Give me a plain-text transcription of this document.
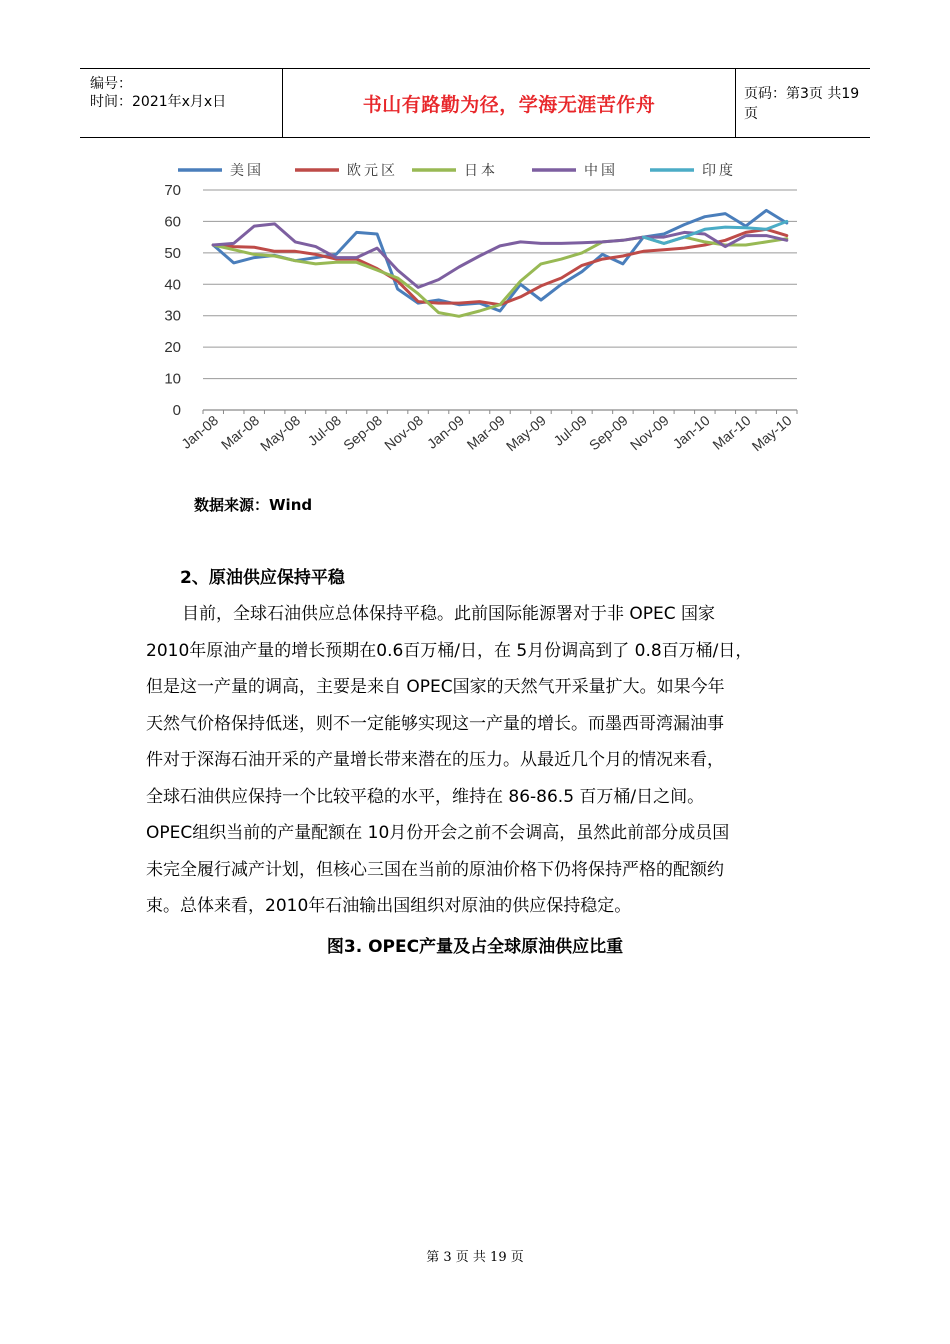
编号：
时间：2021年x月x日	书山有路勤为径，学海无涯苦作舟	页码：第3页 共19页
美国	欧元区	日本	中国	印度
0
10
20
30
40
50
60
70
Jan-08
Mar-08
May-08 Jul-08
Sep-08
Nov-08
Jan-09
Mar-09
May-09 Jul-09
Sep-09
Nov-09
Jan-10
Mar-10
May-10
数据来源：Wind
2、原油供应保持平稳
目前，全球石油供应总体保持平稳。此前国际能源署对于非 OPEC 国家
2010年原油产量的增长预期在0.6百万桶/日，在 5月份调高到了 0.8百万桶/日，
但是这一产量的调高，主要是来自 OPEC国家的天然气开采量扩大。如果今年
天然气价格保持低迷，则不一定能够实现这一产量的增长。而墨西哥湾漏油事
件对于深海石油开采的产量增长带来潜在的压力。从最近几个月的情况来看，
全球石油供应保持一个比较平稳的水平，维持在 86-86.5 百万桶/日之间。
OPEC组织当前的产量配额在 10月份开会之前不会调高，虽然此前部分成员国
未完全履行减产计划，但核心三国在当前的原油价格下仍将保持严格的配额约
束。总体来看，2010年石油输出国组织对原油的供应保持稳定。
图3. OPEC产量及占全球原油供应比重
第 3 页 共 19 页
